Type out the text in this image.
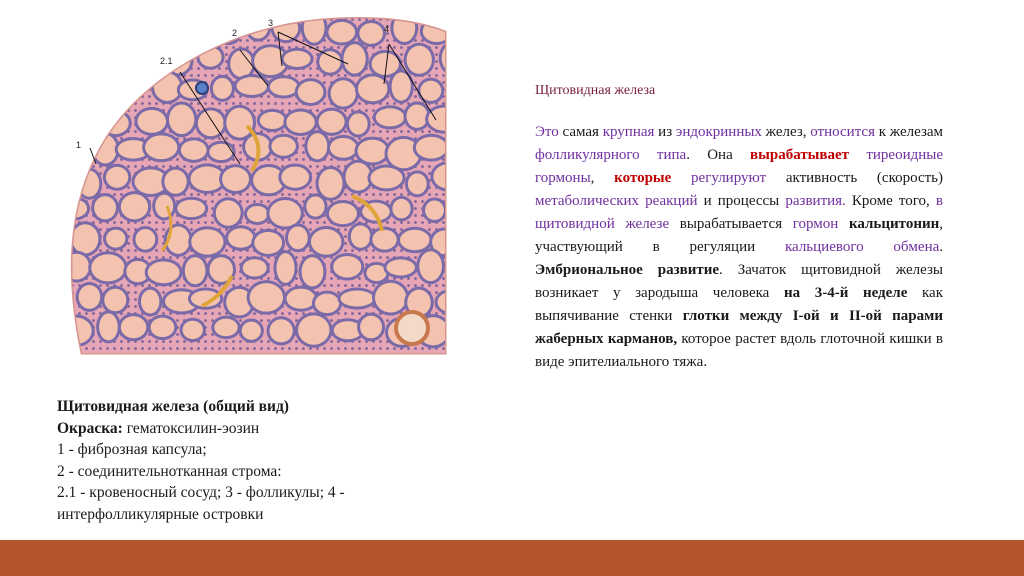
1
2
2.1
3
4
Щитовидная железа (общий вид)
Окраска: гематоксилин-эозин
1 - фиброзная капсула;
2 - соединительнотканная строма:
2.1 - кровеносный сосуд; 3 - фолликулы; 4 - интерфолликулярные островки
Щитовидная железа

Это самая крупная из эндокринных желез, относится к железам фолликулярного типа. Она вырабатывает тиреоидные гормоны, которые регулируют активность (скорость) метаболических реакций и процессы развития. Кроме того, в щитовидной железе вырабатывается гормон кальцитонин, участвующий в регуляции кальциевого обмена. Эмбриональное развитие. Зачаток щитовидной железы возникает у зародыша человека на 3-4-й неделе как выпячивание стенки глотки между I-ой и II-ой парами жаберных карманов, которое растет вдоль глоточной кишки в виде эпителиального тяжа.
